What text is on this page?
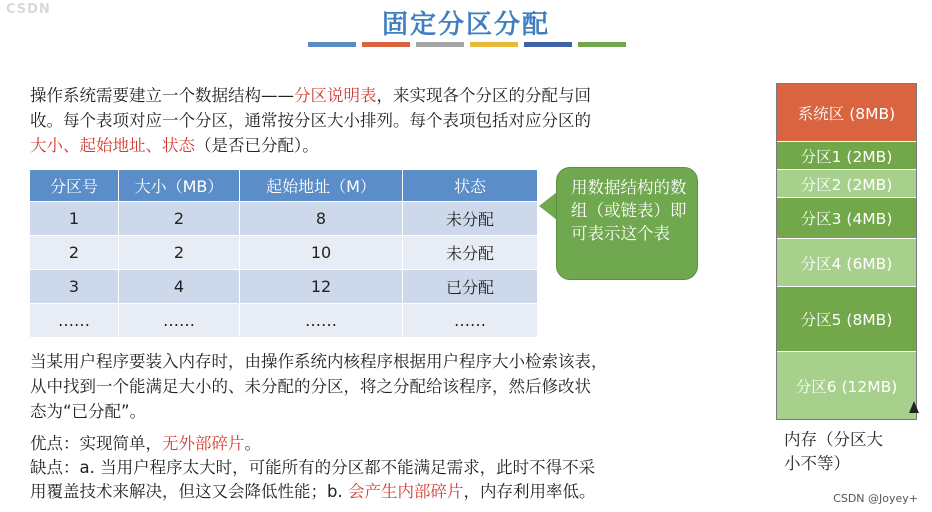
CSDN
固定分区分配
操作系统需要建立一个数据结构——分区说明表，来实现各个分区的分配与回
收。每个表项对应一个分区，通常按分区大小排列。每个表项包括对应分区的
大小、起始地址、状态（是否已分配）。
分区号	大小（MB）	起始地址（M）	状态
1	2	8	未分配
2	2	10	未分配
3	4	12	已分配
……	……	……	……
用数据结构的数组（或链表）即可表示这个表
当某用户程序要装入内存时，由操作系统内核程序根据用户程序大小检索该表，
从中找到一个能满足大小的、未分配的分区，将之分配给该程序，然后修改状
态为“已分配”。
优点：实现简单，无外部碎片。
缺点：a. 当用户程序太大时，可能所有的分区都不能满足需求，此时不得不采
用覆盖技术来解决，但这又会降低性能；b. 会产生内部碎片，内存利用率低。
系统区 (8MB)
分区1 (2MB)
分区2 (2MB)
分区3 (4MB)
分区4 (6MB)
分区5 (8MB)
分区6 (12MB)
内存（分区大
小不等）
CSDN @Joyey+
